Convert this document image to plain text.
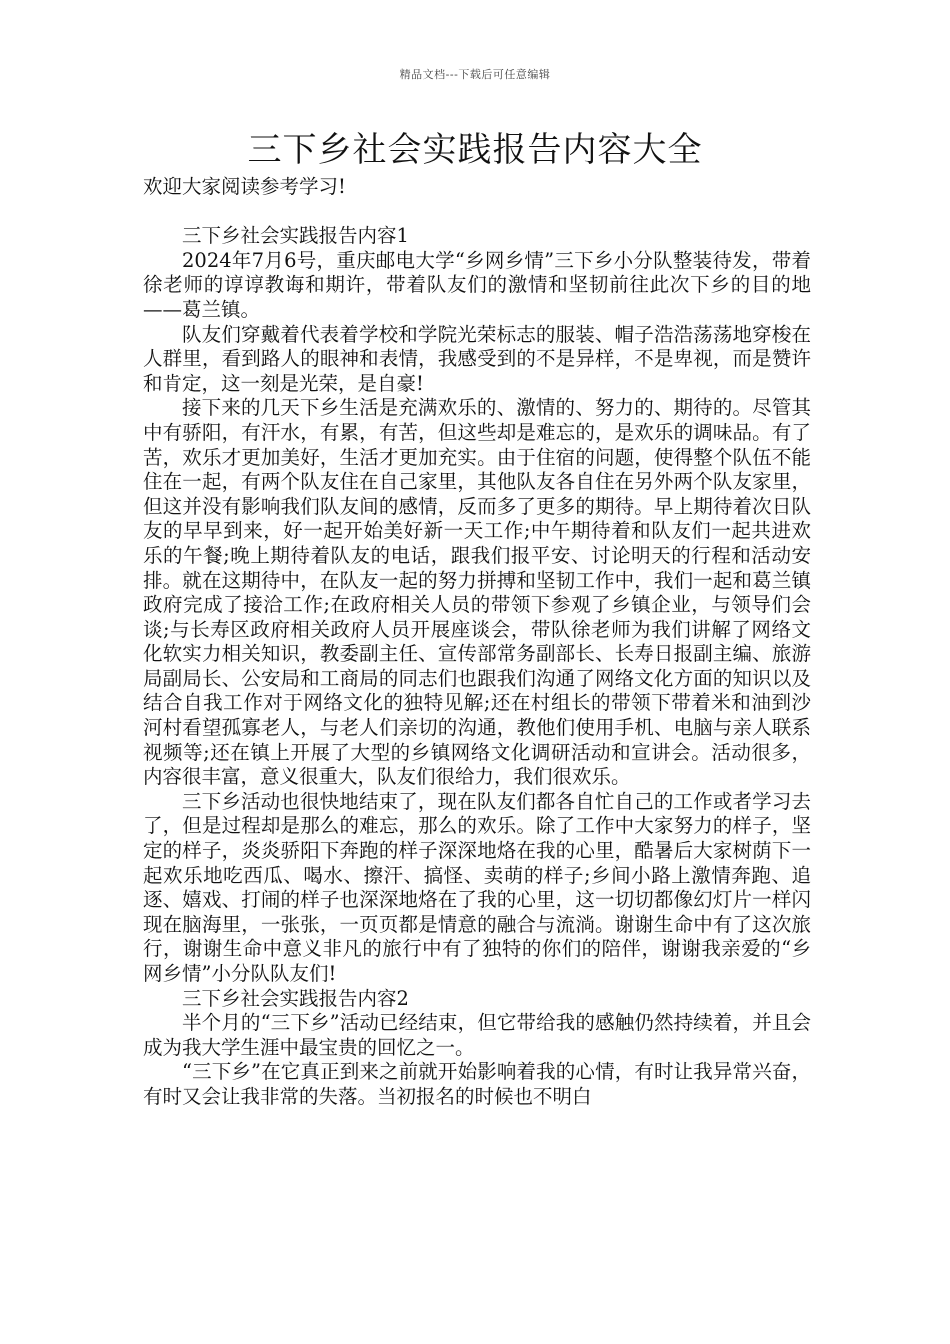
精品文档---下载后可任意编辑
三下乡社会实践报告内容大全

欢迎大家阅读参考学习!

三下乡社会实践报告内容1

2024年7月6号，重庆邮电大学“乡网乡情”三下乡小分队整装待发，带着徐老师的谆谆教诲和期许，带着队友们的激情和坚韧前往此次下乡的目的地——葛兰镇。

队友们穿戴着代表着学校和学院光荣标志的服装、帽子浩浩荡荡地穿梭在人群里，看到路人的眼神和表情，我感受到的不是异样，不是卑视，而是赞许和肯定，这一刻是光荣，是自豪!

接下来的几天下乡生活是充满欢乐的、激情的、努力的、期待的。尽管其中有骄阳，有汗水，有累，有苦，但这些却是难忘的，是欢乐的调味品。有了苦，欢乐才更加美好，生活才更加充实。由于住宿的问题，使得整个队伍不能住在一起，有两个队友住在自己家里，其他队友各自住在另外两个队友家里，但这并没有影响我们队友间的感情，反而多了更多的期待。早上期待着次日队友的早早到来，好一起开始美好新一天工作;中午期待着和队友们一起共进欢乐的午餐;晚上期待着队友的电话，跟我们报平安、讨论明天的行程和活动安排。就在这期待中，在队友一起的努力拼搏和坚韧工作中，我们一起和葛兰镇政府完成了接洽工作;在政府相关人员的带领下参观了乡镇企业，与领导们会谈;与长寿区政府相关政府人员开展座谈会，带队徐老师为我们讲解了网络文化软实力相关知识，教委副主任、宣传部常务副部长、长寿日报副主编、旅游局副局长、公安局和工商局的同志们也跟我们沟通了网络文化方面的知识以及结合自我工作对于网络文化的独特见解;还在村组长的带领下带着米和油到沙河村看望孤寡老人，与老人们亲切的沟通，教他们使用手机、电脑与亲人联系视频等;还在镇上开展了大型的乡镇网络文化调研活动和宣讲会。活动很多，内容很丰富，意义很重大，队友们很给力，我们很欢乐。

三下乡活动也很快地结束了，现在队友们都各自忙自己的工作或者学习去了，但是过程却是那么的难忘，那么的欢乐。除了工作中大家努力的样子，坚定的样子，炎炎骄阳下奔跑的样子深深地烙在我的心里，酷暑后大家树荫下一起欢乐地吃西瓜、喝水、擦汗、搞怪、卖萌的样子;乡间小路上激情奔跑、追逐、嬉戏、打闹的样子也深深地烙在了我的心里，这一切切都像幻灯片一样闪现在脑海里，一张张，一页页都是情意的融合与流淌。谢谢生命中有了这次旅行，谢谢生命中意义非凡的旅行中有了独特的你们的陪伴，谢谢我亲爱的“乡网乡情”小分队队友们!

三下乡社会实践报告内容2

半个月的“三下乡”活动已经结束，但它带给我的感触仍然持续着，并且会成为我大学生涯中最宝贵的回忆之一。

“三下乡”在它真正到来之前就开始影响着我的心情，有时让我异常兴奋，有时又会让我非常的失落。当初报名的时候也不明白
